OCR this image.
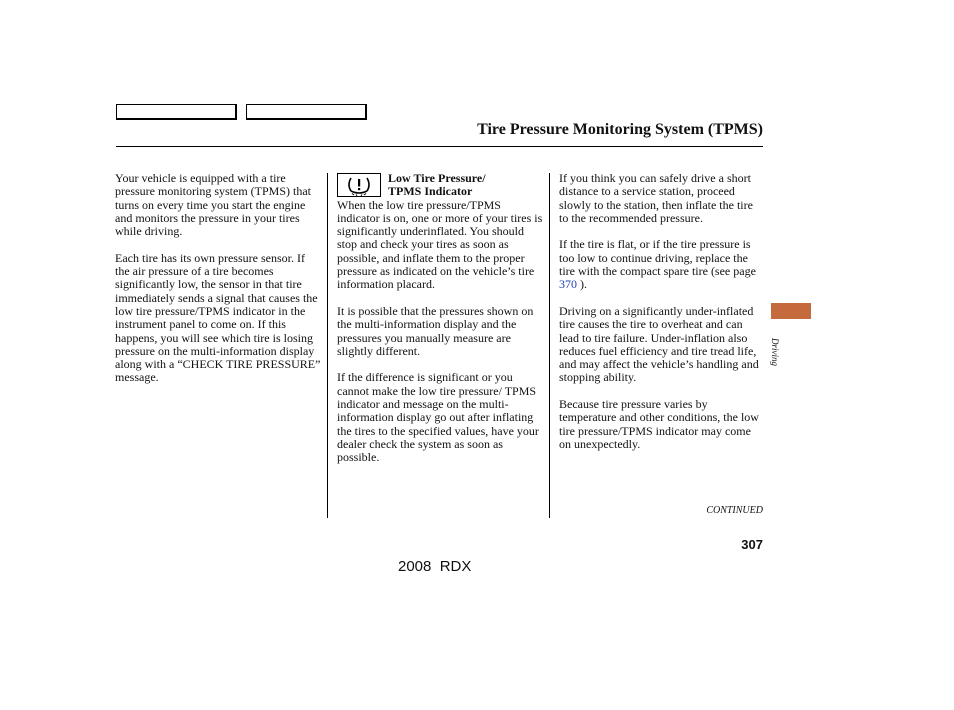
Tire Pressure Monitoring System (TPMS)

Your vehicle is equipped with a tire pressure monitoring system (TPMS) that turns on every time you start the engine and monitors the pressure in your tires while driving.

Each tire has its own pressure sensor. If the air pressure of a tire becomes significantly low, the sensor in that tire immediately sends a signal that causes the low tire pressure/TPMS indicator in the instrument panel to come on. If this happens, you will see which tire is losing pressure on the multi-information display along with a “CHECK TIRE PRESSURE” message.

Low Tire Pressure/
TPMS Indicator

When the low tire pressure/TPMS indicator is on, one or more of your tires is significantly underinflated. You should stop and check your tires as soon as possible, and inflate them to the proper pressure as indicated on the vehicle’s tire information placard.

It is possible that the pressures shown on the multi-information display and the pressures you manually measure are slightly different.

If the difference is significant or you cannot make the low tire pressure/ TPMS indicator and message on the multi-information display go out after inflating the tires to the specified values, have your dealer check the system as soon as possible.

If you think you can safely drive a short distance to a service station, proceed slowly to the station, then inflate the tire to the recommended pressure.

If the tire is flat, or if the tire pressure is too low to continue driving, replace the tire with the compact spare tire (see page 370 ).

Driving on a significantly under-inflated tire causes the tire to overheat and can lead to tire failure. Under-inflation also reduces fuel efficiency and tire tread life, and may affect the vehicle’s handling and stopping ability.

Because tire pressure varies by temperature and other conditions, the low tire pressure/TPMS indicator may come on unexpectedly.

Driving
CONTINUED
307
2008  RDX
